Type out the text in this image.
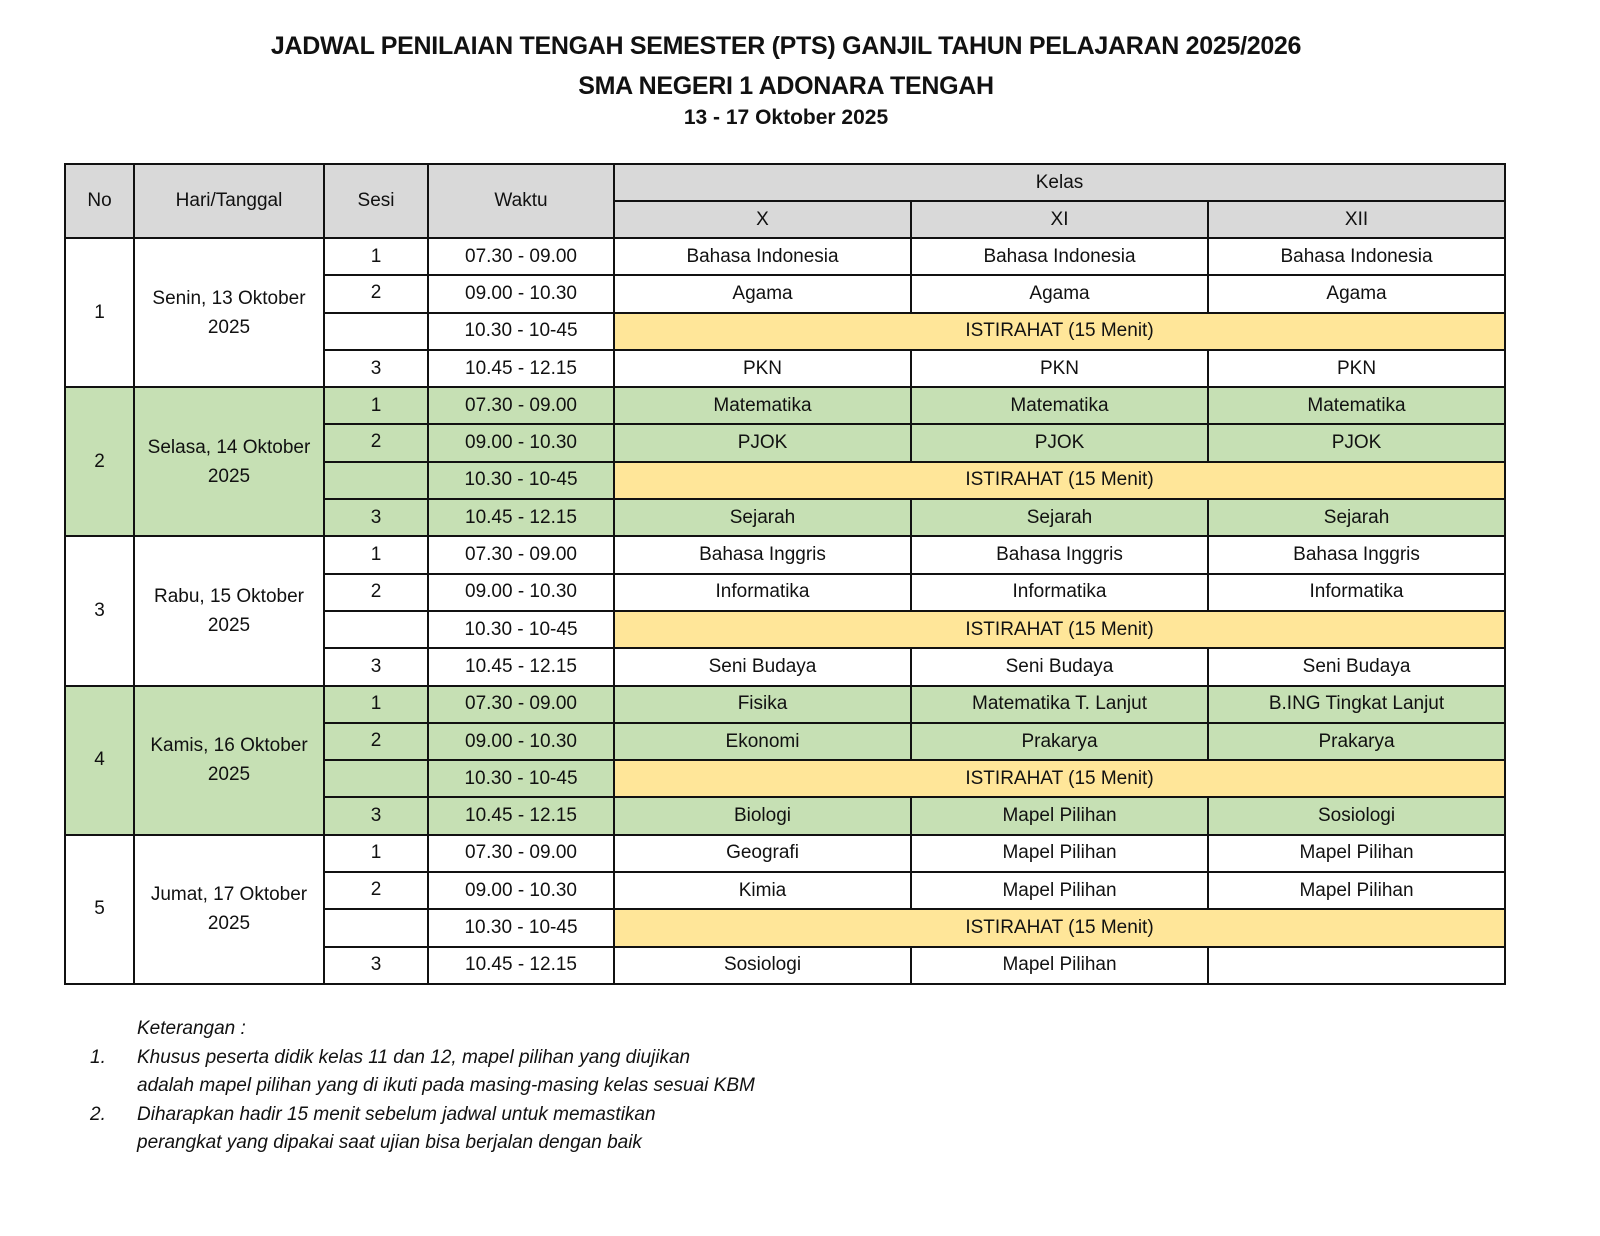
JADWAL PENILAIAN TENGAH SEMESTER (PTS) GANJIL TAHUN PELAJARAN 2025/2026
SMA NEGERI 1 ADONARA TENGAH
13 - 17 Oktober 2025
No	Hari/Tanggal	Sesi	Waktu	Kelas		
				X	XI	XII
1	Senin, 13 Oktober 2025	1	07.30 - 09.00	Bahasa Indonesia	Bahasa Indonesia	Bahasa Indonesia
		2	09.00 - 10.30	Agama	Agama	Agama
			10.30 - 10-45	ISTIRAHAT (15 Menit)		
		3	10.45 - 12.15	PKN	PKN	PKN
2	Selasa, 14 Oktober 2025	1	07.30 - 09.00	Matematika	Matematika	Matematika
		2	09.00 - 10.30	PJOK	PJOK	PJOK
			10.30 - 10-45	ISTIRAHAT (15 Menit)		
		3	10.45 - 12.15	Sejarah	Sejarah	Sejarah
3	Rabu, 15 Oktober 2025	1	07.30 - 09.00	Bahasa Inggris	Bahasa Inggris	Bahasa Inggris
		2	09.00 - 10.30	Informatika	Informatika	Informatika
			10.30 - 10-45	ISTIRAHAT (15 Menit)		
		3	10.45 - 12.15	Seni Budaya	Seni Budaya	Seni Budaya
4	Kamis, 16 Oktober 2025	1	07.30 - 09.00	Fisika	Matematika T. Lanjut	B.ING Tingkat Lanjut
		2	09.00 - 10.30	Ekonomi	Prakarya	Prakarya
			10.30 - 10-45	ISTIRAHAT (15 Menit)		
		3	10.45 - 12.15	Biologi	Mapel Pilihan	Sosiologi
5	Jumat, 17 Oktober 2025	1	07.30 - 09.00	Geografi	Mapel Pilihan	Mapel Pilihan
		2	09.00 - 10.30	Kimia	Mapel Pilihan	Mapel Pilihan
			10.30 - 10-45	ISTIRAHAT (15 Menit)		
		3	10.45 - 12.15	Sosiologi	Mapel Pilihan	
Keterangan :
1.	Khusus peserta didik kelas 11 dan 12, mapel pilihan yang diujikan
adalah mapel pilihan yang di ikuti pada masing-masing kelas sesuai KBM
2.	Diharapkan hadir 15 menit sebelum jadwal untuk memastikan
perangkat yang dipakai saat ujian bisa berjalan dengan baik
